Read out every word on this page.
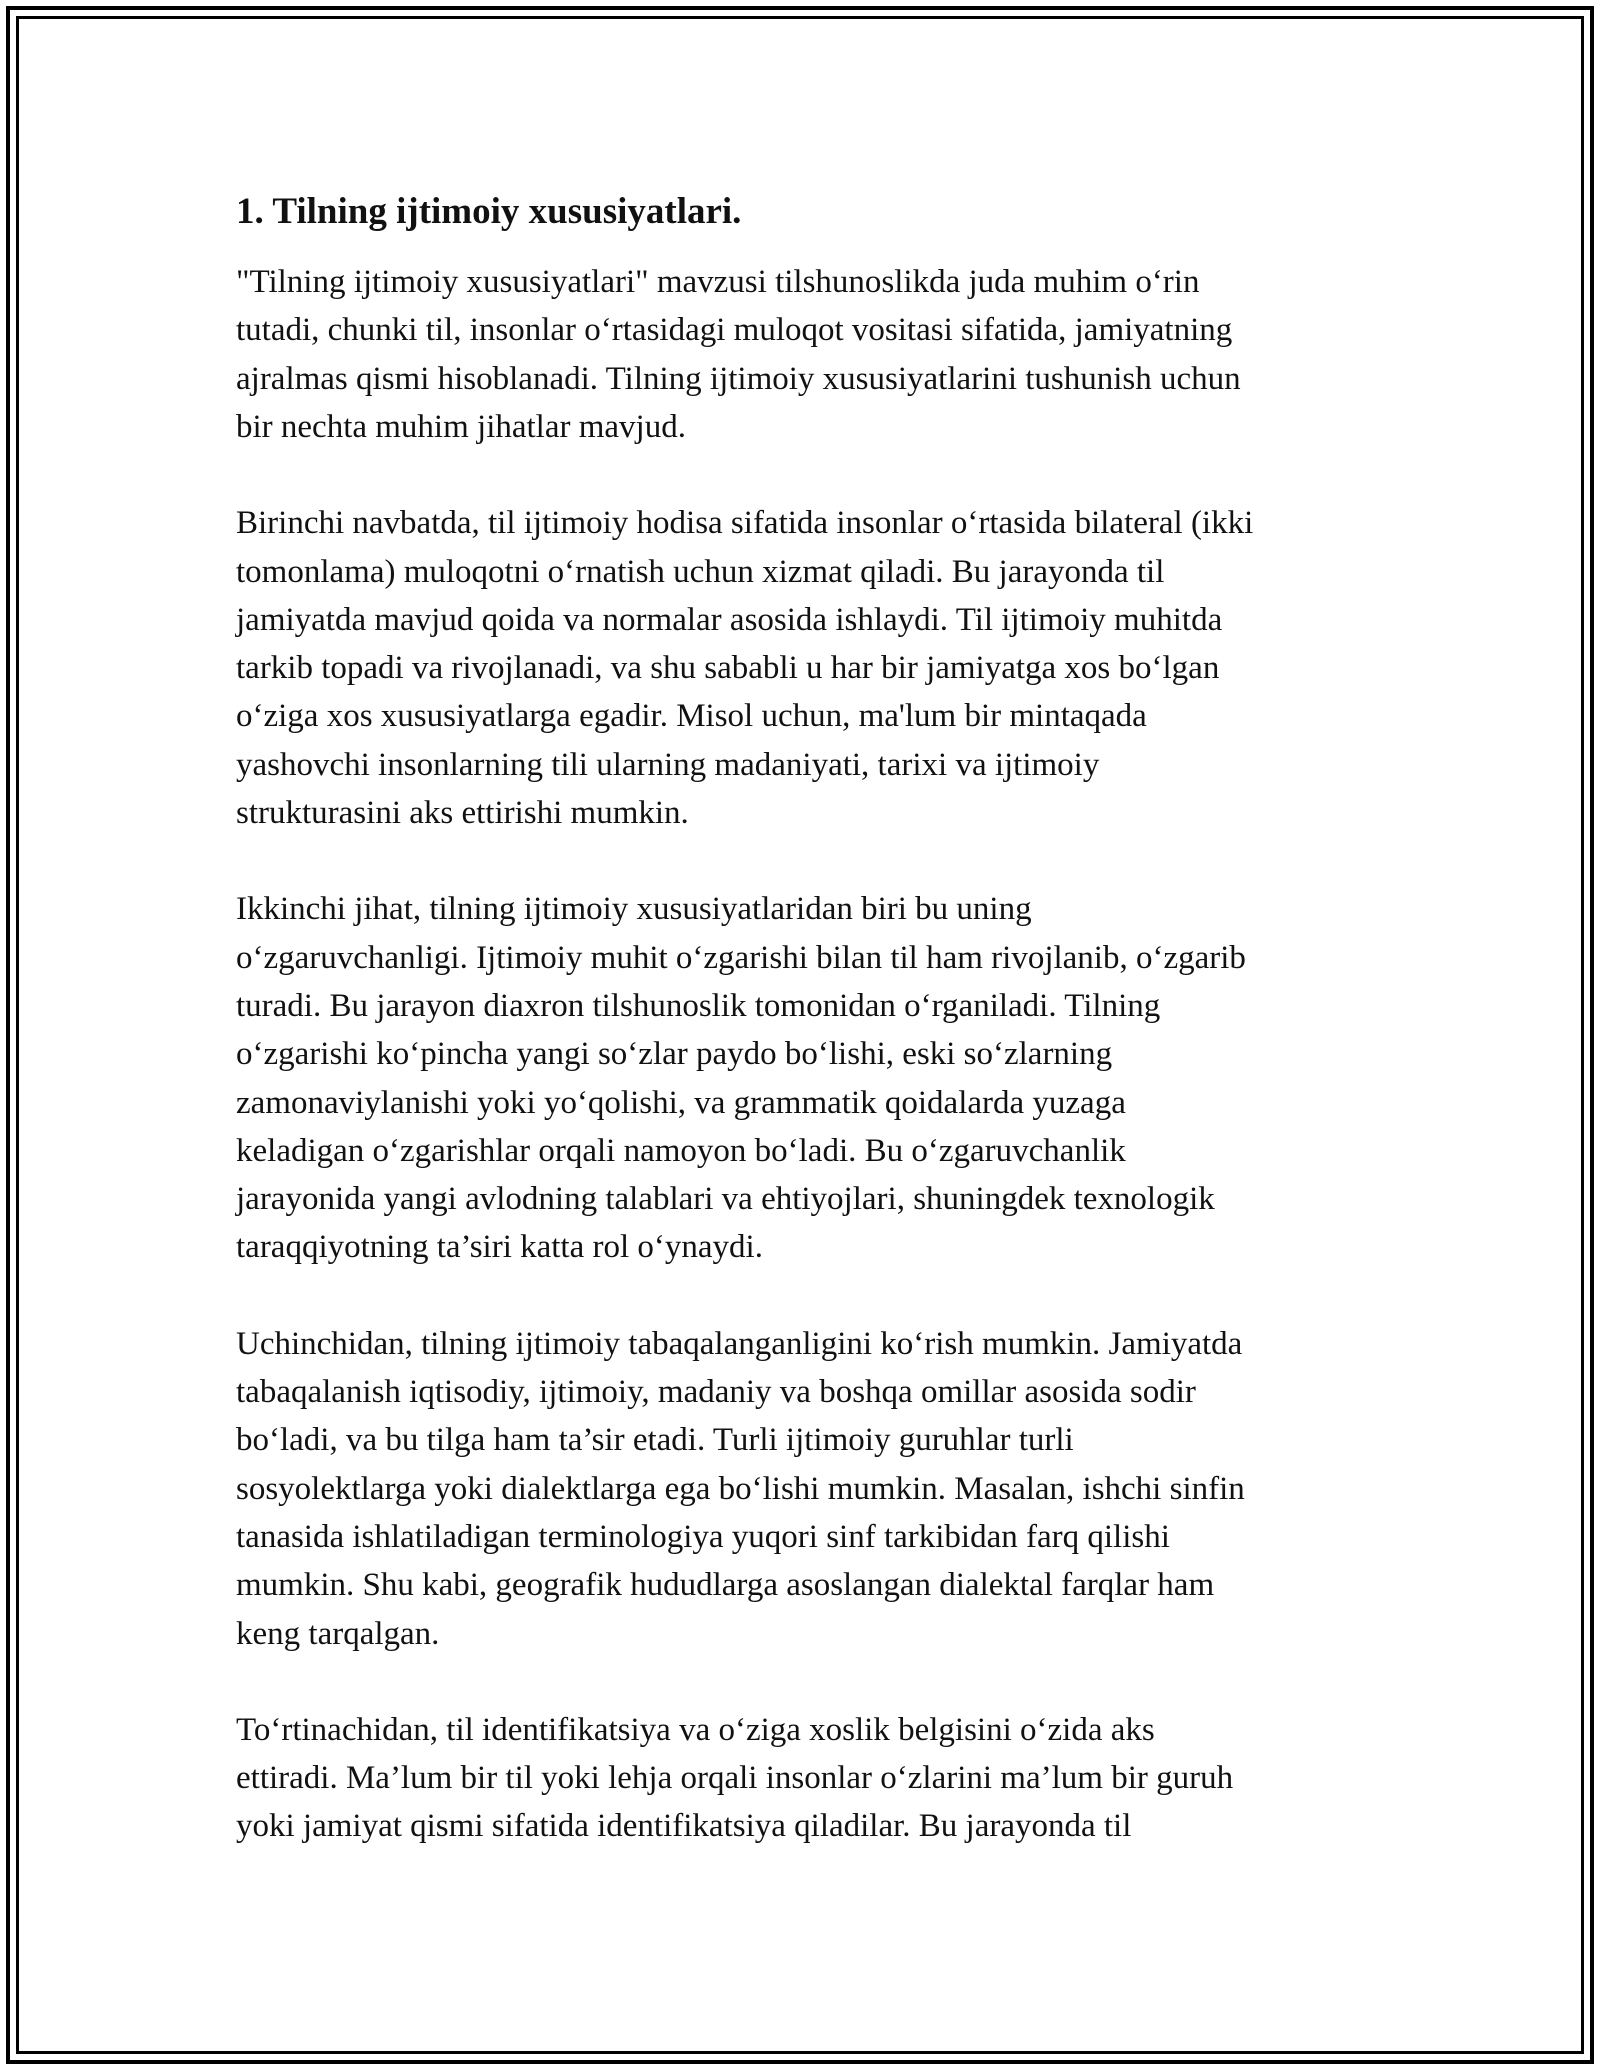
1. Tilning ijtimoiy xususiyatlari.

"Tilning ijtimoiy xususiyatlari" mavzusi tilshunoslikda juda muhim o‘rin
tutadi, chunki til, insonlar o‘rtasidagi muloqot vositasi sifatida, jamiyatning
ajralmas qismi hisoblanadi. Tilning ijtimoiy xususiyatlarini tushunish uchun
bir nechta muhim jihatlar mavjud.

Birinchi navbatda, til ijtimoiy hodisa sifatida insonlar o‘rtasida bilateral (ikki
tomonlama) muloqotni o‘rnatish uchun xizmat qiladi. Bu jarayonda til
jamiyatda mavjud qoida va normalar asosida ishlaydi. Til ijtimoiy muhitda
tarkib topadi va rivojlanadi, va shu sababli u har bir jamiyatga xos bo‘lgan
o‘ziga xos xususiyatlarga egadir. Misol uchun, ma'lum bir mintaqada
yashovchi insonlarning tili ularning madaniyati, tarixi va ijtimoiy
strukturasini aks ettirishi mumkin.

Ikkinchi jihat, tilning ijtimoiy xususiyatlaridan biri bu uning
o‘zgaruvchanligi. Ijtimoiy muhit o‘zgarishi bilan til ham rivojlanib, o‘zgarib
turadi. Bu jarayon diaxron tilshunoslik tomonidan o‘rganiladi. Tilning
o‘zgarishi ko‘pincha yangi so‘zlar paydo bo‘lishi, eski so‘zlarning
zamonaviylanishi yoki yo‘qolishi, va grammatik qoidalarda yuzaga
keladigan o‘zgarishlar orqali namoyon bo‘ladi. Bu o‘zgaruvchanlik
jarayonida yangi avlodning talablari va ehtiyojlari, shuningdek texnologik
taraqqiyotning ta’siri katta rol o‘ynaydi.

Uchinchidan, tilning ijtimoiy tabaqalanganligini ko‘rish mumkin. Jamiyatda
tabaqalanish iqtisodiy, ijtimoiy, madaniy va boshqa omillar asosida sodir
bo‘ladi, va bu tilga ham ta’sir etadi. Turli ijtimoiy guruhlar turli
sosyolektlarga yoki dialektlarga ega bo‘lishi mumkin. Masalan, ishchi sinfin
tanasida ishlatiladigan terminologiya yuqori sinf tarkibidan farq qilishi
mumkin. Shu kabi, geografik hududlarga asoslangan dialektal farqlar ham
keng tarqalgan.

To‘rtinachidan, til identifikatsiya va o‘ziga xoslik belgisini o‘zida aks
ettiradi. Ma’lum bir til yoki lehja orqali insonlar o‘zlarini ma’lum bir guruh
yoki jamiyat qismi sifatida identifikatsiya qiladilar. Bu jarayonda til
